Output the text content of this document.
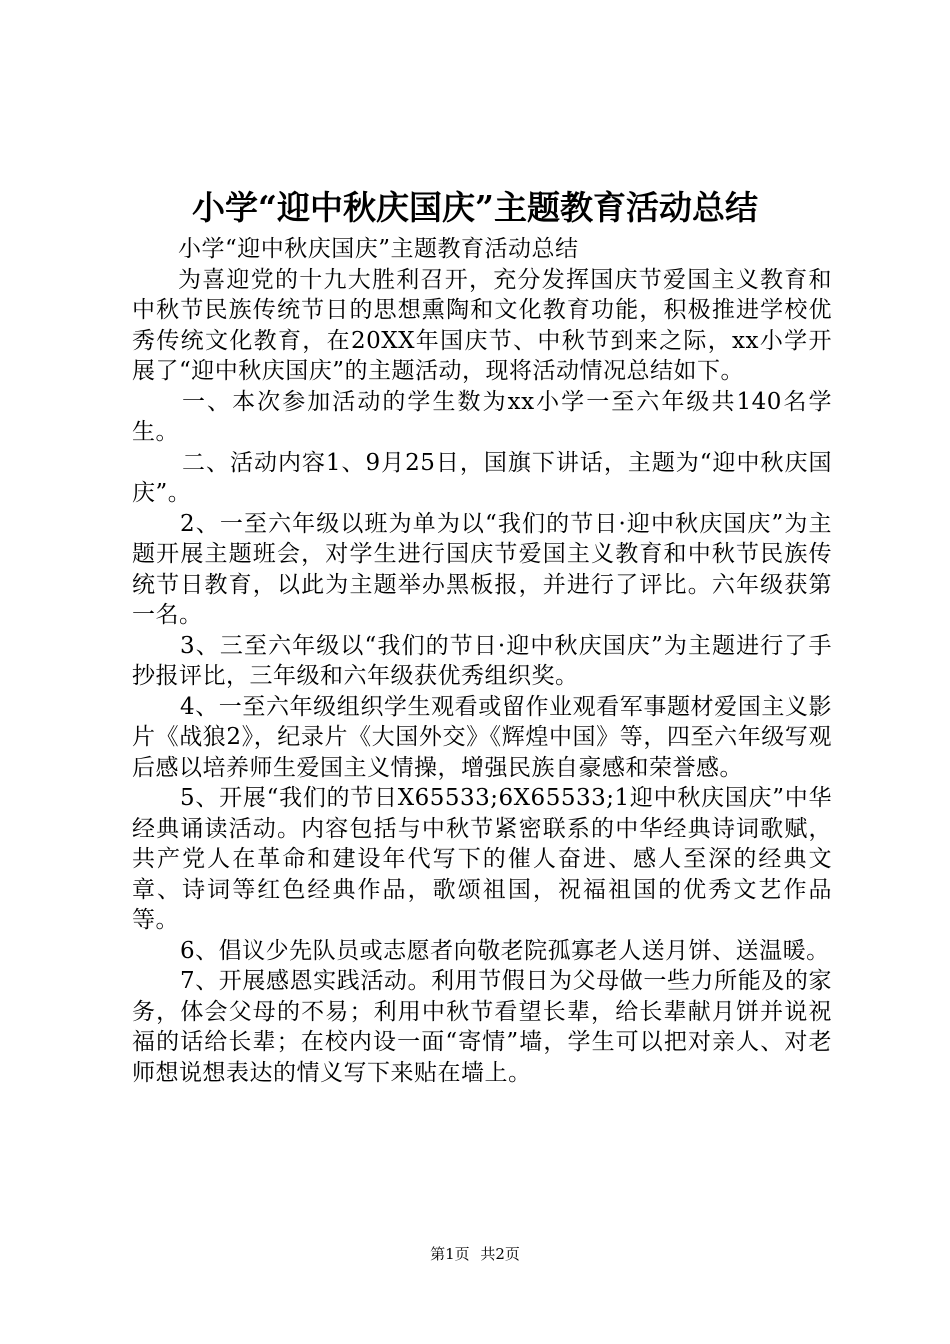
小学“迎中秋庆国庆”主题教育活动总结

小学“迎中秋庆国庆”主题教育活动总结

为喜迎党的十九大胜利召开，充分发挥国庆节爱国主义教育和中秋节民族传统节日的思想熏陶和文化教育功能，积极推进学校优秀传统文化教育，在20XX年国庆节、中秋节到来之际，xx小学开展了“迎中秋庆国庆”的主题活动，现将活动情况总结如下。

一、本次参加活动的学生数为xx小学一至六年级共140名学生。

二、活动内容1、9月25日，国旗下讲话，主题为“迎中秋庆国庆”。

2、一至六年级以班为单为以“我们的节日·迎中秋庆国庆”为主题开展主题班会，对学生进行国庆节爱国主义教育和中秋节民族传统节日教育，以此为主题举办黑板报，并进行了评比。六年级获第一名。

3、三至六年级以“我们的节日·迎中秋庆国庆”为主题进行了手抄报评比，三年级和六年级获优秀组织奖。

4、一至六年级组织学生观看或留作业观看军事题材爱国主义影片《战狼2》，纪录片《大国外交》《辉煌中国》等，四至六年级写观后感以培养师生爱国主义情操，增强民族自豪感和荣誉感。

5、开展“我们的节日X65533;6X65533;1迎中秋庆国庆”中华经典诵读活动。内容包括与中秋节紧密联系的中华经典诗词歌赋，共产党人在革命和建设年代写下的催人奋进、感人至深的经典文章、诗词等红色经典作品，歌颂祖国，祝福祖国的优秀文艺作品等。

6、倡议少先队员或志愿者向敬老院孤寡老人送月饼、送温暖。

7、开展感恩实践活动。利用节假日为父母做一些力所能及的家务，体会父母的不易；利用中秋节看望长辈，给长辈献月饼并说祝福的话给长辈；在校内设一面“寄情”墙，学生可以把对亲人、对老师想说想表达的情义写下来贴在墙上。

第1页 共2页
